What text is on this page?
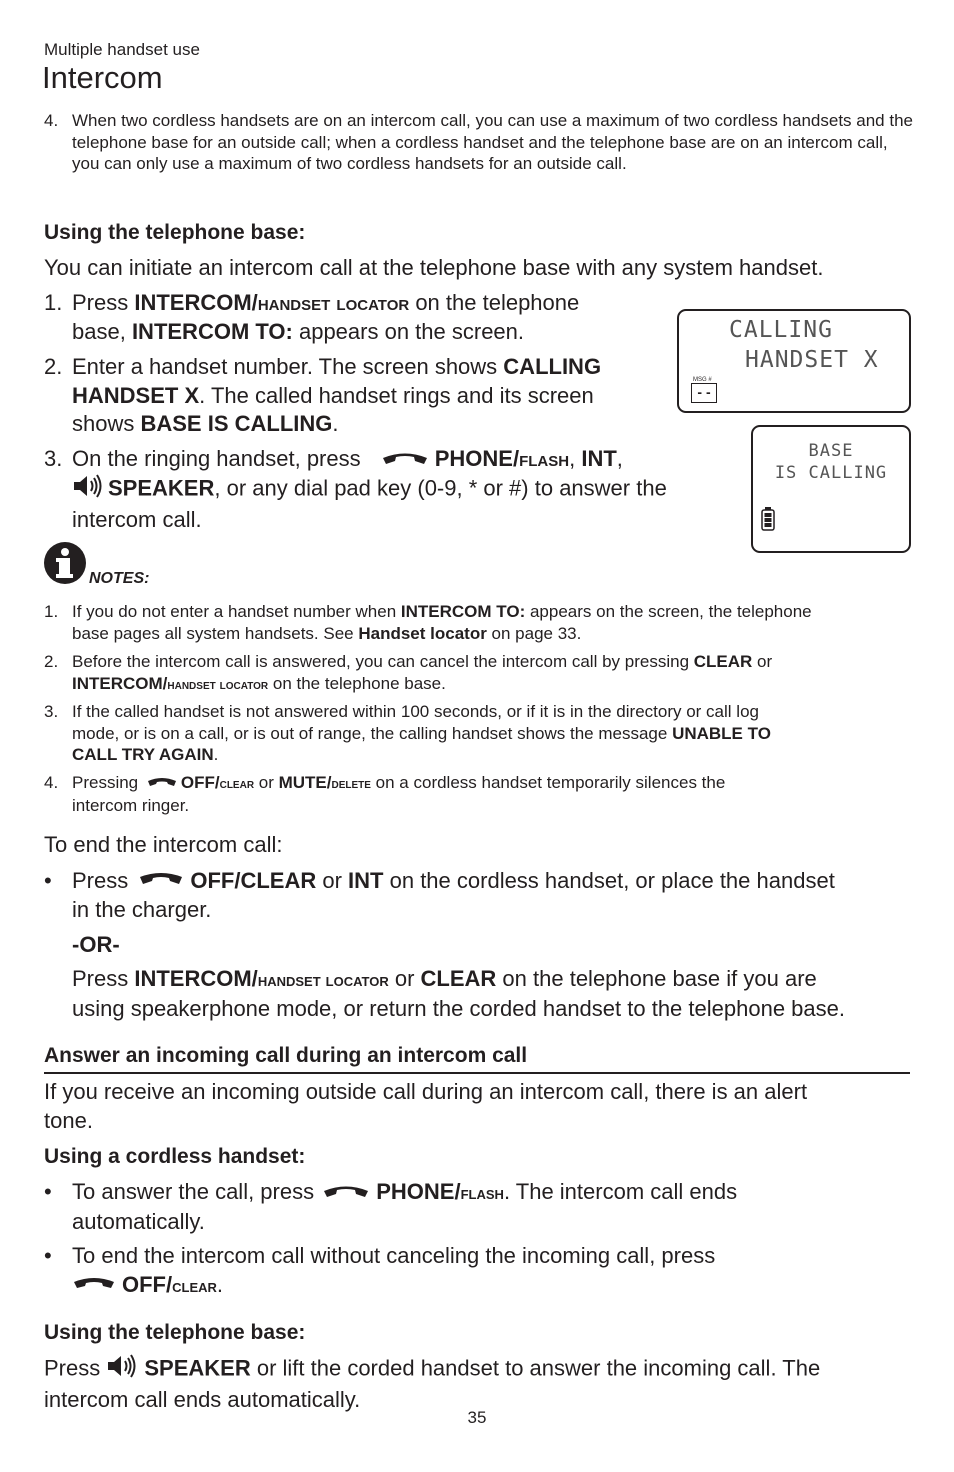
Multiple handset use
Intercom
4. When two cordless handsets are on an intercom call, you can use a maximum of two cordless handsets and the telephone base for an outside call; when a cordless handset and the telephone base are on an intercom call, you can only use a maximum of two cordless handsets for an outside call.
Using the telephone base:
You can initiate an intercom call at the telephone base with any system handset.
1. Press INTERCOM/handset locator on the telephone
base, INTERCOM TO: appears on the screen.
2. Enter a handset number. The screen shows CALLING
HANDSET X. The called handset rings and its screen
shows BASE IS CALLING.
3. On the ringing handset, press	PHONE/flash, INT,
SPEAKER, or any dial pad key (0-9, * or #) to answer the
intercom call.
CALLING
HANDSET X
MSG #
- -
BASE
IS CALLING
NOTES:
1. If you do not enter a handset number when INTERCOM TO: appears on the screen, the telephone
base pages all system handsets. See Handset locator on page 33.
2. Before the intercom call is answered, you can cancel the intercom call by pressing CLEAR or
INTERCOM/handset locator on the telephone base.
3. If the called handset is not answered within 100 seconds, or if it is in the directory or call log
mode, or is on a call, or is out of range, the calling handset shows the message UNABLE TO
CALL TRY AGAIN.
4. Pressing OFF/clear or MUTE/delete on a cordless handset temporarily silences the
intercom ringer.
To end the intercom call:
• Press	OFF/CLEAR or INT on the cordless handset, or place the handset
in the charger.
-OR-
Press INTERCOM/handset locator or CLEAR on the telephone base if you are
using speakerphone mode, or return the corded handset to the telephone base.
Answer an incoming call during an intercom call
If you receive an incoming outside call during an intercom call, there is an alert
tone.
Using a cordless handset:
• To answer the call, press	PHONE/flash. The intercom call ends
automatically.
• To end the intercom call without canceling the incoming call, press
OFF/clear.
Using the telephone base:
Press SPEAKER or lift the corded handset to answer the incoming call. The
intercom call ends automatically.
35
